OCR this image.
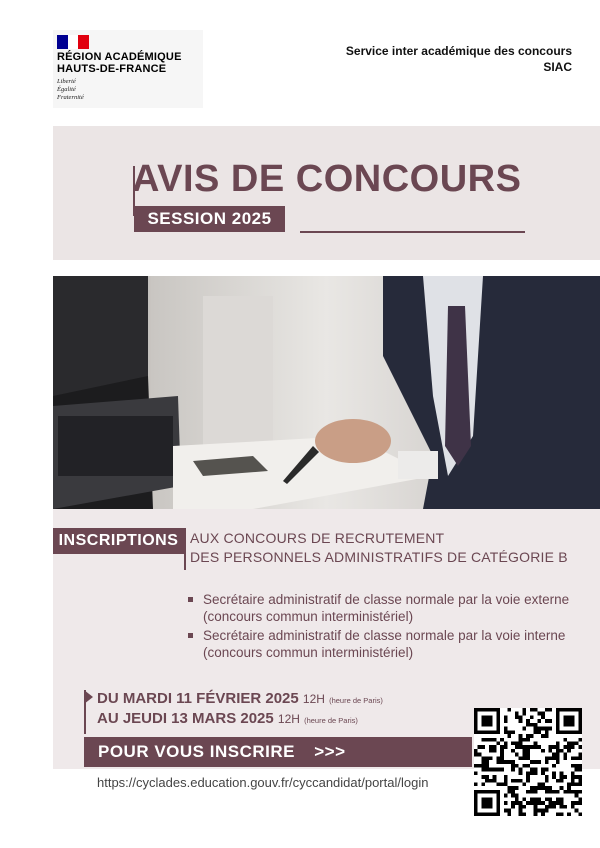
RÉGION ACADÉMIQUE
HAUTS-DE-FRANCE
Liberté
Égalité
Fraternité
Service inter académique des concours
SIAC
AVIS DE CONCOURS
SESSION 2025
INSCRIPTIONS AUX CONCOURS DE RECRUTEMENT
DES PERSONNELS ADMINISTRATIFS DE CATÉGORIE B
Secrétaire administratif de classe normale par la voie externe (concours commun interministériel)
Secrétaire administratif de classe normale par la voie interne (concours commun interministériel)
DU MARDI 11 FÉVRIER 2025 12H (heure de Paris)
AU JEUDI 13 MARS 2025 12H (heure de Paris)
POUR VOUS INSCRIRE >>>
https://cyclades.education.gouv.fr/cyccandidat/portal/login
